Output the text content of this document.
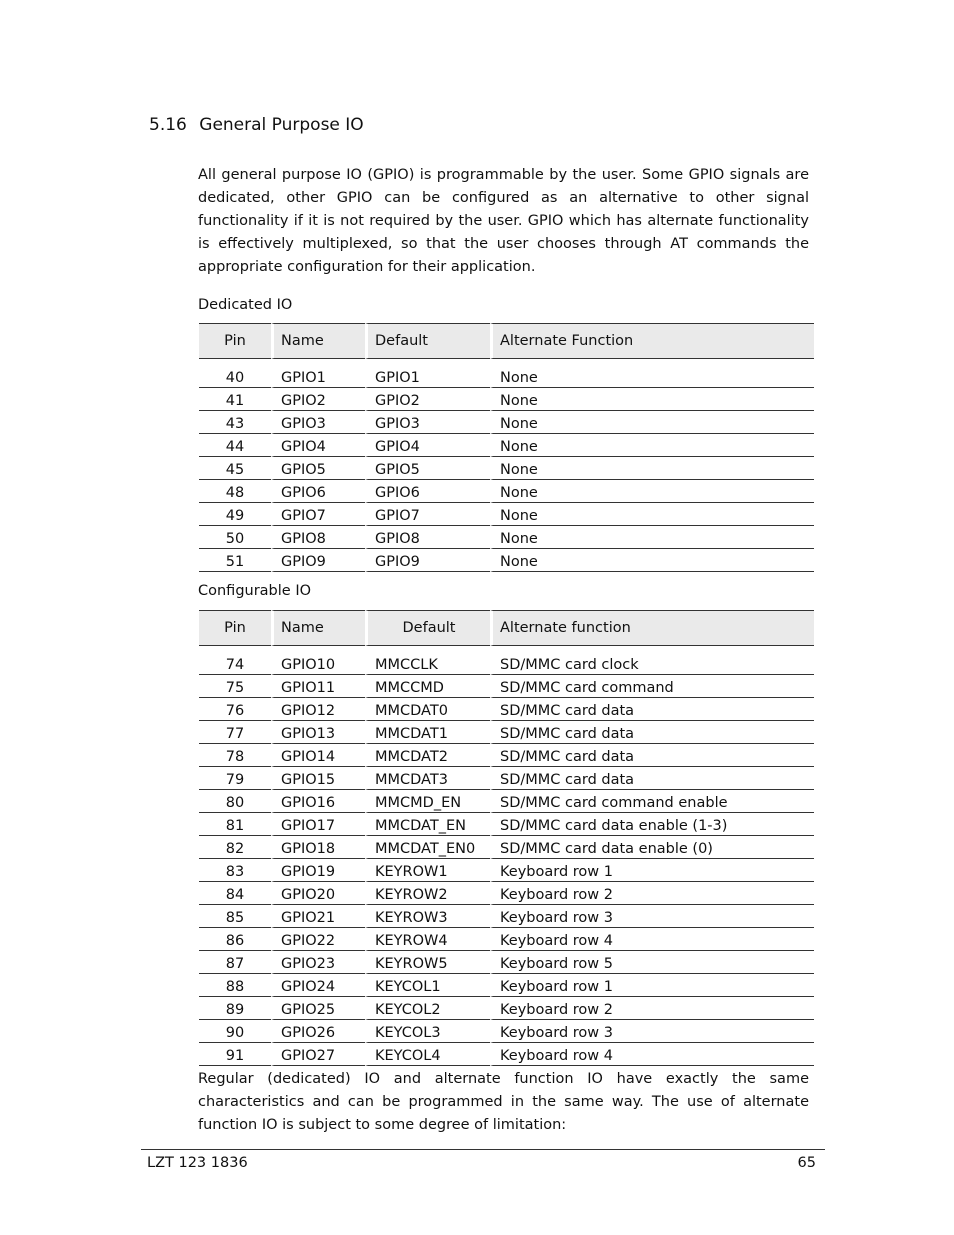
5.16 General Purpose IO
All general purpose IO (GPIO) is programmable by the user. Some GPIO signals are dedicated, other GPIO can be configured as an alternative to other signal functionality if it is not required by the user. GPIO which has alternate functionality is effectively multiplexed, so that the user chooses through AT commands the appropriate configuration for their application.
Dedicated IO
Pin	Name	Default	Alternate Function

40	GPIO1	GPIO1	None
41	GPIO2	GPIO2	None
43	GPIO3	GPIO3	None
44	GPIO4	GPIO4	None
45	GPIO5	GPIO5	None
48	GPIO6	GPIO6	None
49	GPIO7	GPIO7	None
50	GPIO8	GPIO8	None
51	GPIO9	GPIO9	None
Configurable IO
Pin	Name	Default	Alternate function

74	GPIO10	MMCCLK	SD/MMC card clock
75	GPIO11	MMCCMD	SD/MMC card command
76	GPIO12	MMCDAT0	SD/MMC card data
77	GPIO13	MMCDAT1	SD/MMC card data
78	GPIO14	MMCDAT2	SD/MMC card data
79	GPIO15	MMCDAT3	SD/MMC card data
80	GPIO16	MMCMD_EN	SD/MMC card command enable
81	GPIO17	MMCDAT_EN	SD/MMC card data enable (1-3)
82	GPIO18	MMCDAT_EN0	SD/MMC card data enable (0)
83	GPIO19	KEYROW1	Keyboard row 1
84	GPIO20	KEYROW2	Keyboard row 2
85	GPIO21	KEYROW3	Keyboard row 3
86	GPIO22	KEYROW4	Keyboard row 4
87	GPIO23	KEYROW5	Keyboard row 5
88	GPIO24	KEYCOL1	Keyboard row 1
89	GPIO25	KEYCOL2	Keyboard row 2
90	GPIO26	KEYCOL3	Keyboard row 3
91	GPIO27	KEYCOL4	Keyboard row 4
Regular (dedicated) IO and alternate function IO have exactly the same characteristics and can be programmed in the same way. The use of alternate function IO is subject to some degree of limitation:
LZT 123 1836	65
